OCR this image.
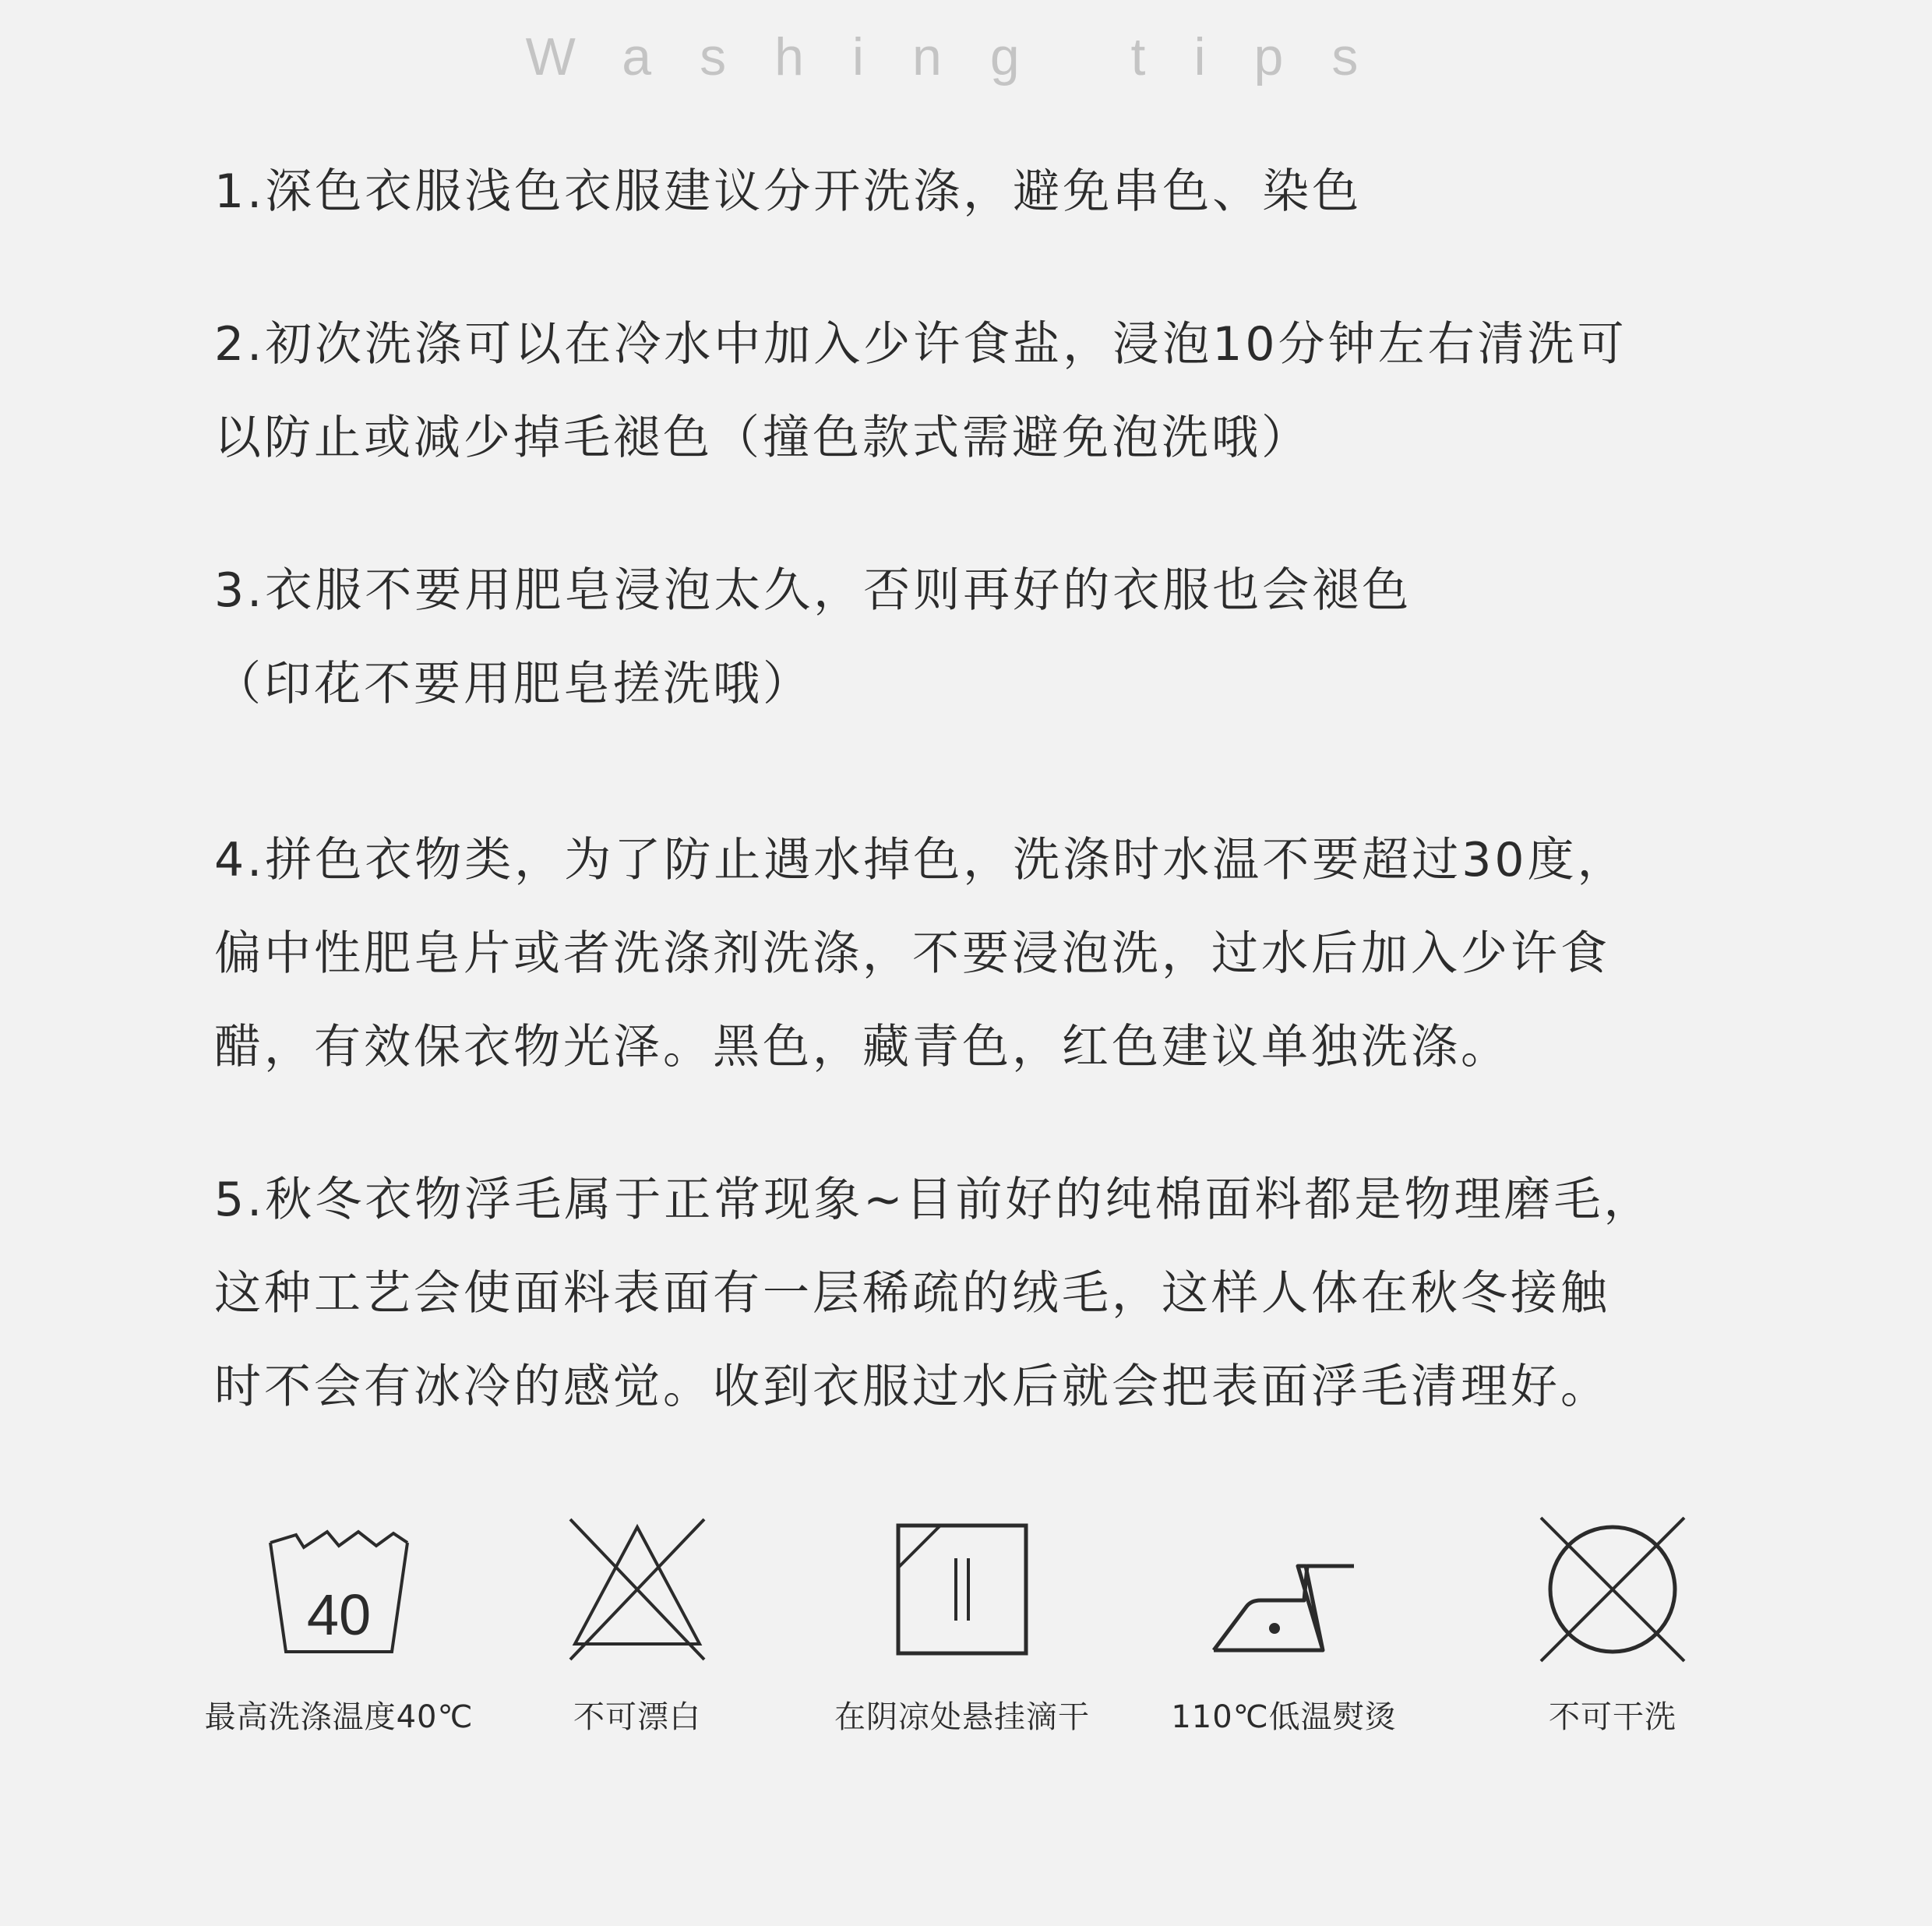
Washing tips
1.深色衣服浅色衣服建议分开洗涤，避免串色、染色
2.初次洗涤可以在冷水中加入少许食盐，浸泡10分钟左右清洗可
以防止或减少掉毛褪色（撞色款式需避免泡洗哦）
3.衣服不要用肥皂浸泡太久，否则再好的衣服也会褪色
（印花不要用肥皂搓洗哦）
4.拼色衣物类，为了防止遇水掉色，洗涤时水温不要超过30度，
偏中性肥皂片或者洗涤剂洗涤，不要浸泡洗，过水后加入少许食
醋，有效保衣物光泽。黑色，藏青色，红色建议单独洗涤。
5.秋冬衣物浮毛属于正常现象~目前好的纯棉面料都是物理磨毛，
这种工艺会使面料表面有一层稀疏的绒毛，这样人体在秋冬接触
时不会有冰冷的感觉。收到衣服过水后就会把表面浮毛清理好。
40
最高洗涤温度40℃	不可漂白	在阴凉处悬挂滴干	110℃低温熨烫	不可干洗
